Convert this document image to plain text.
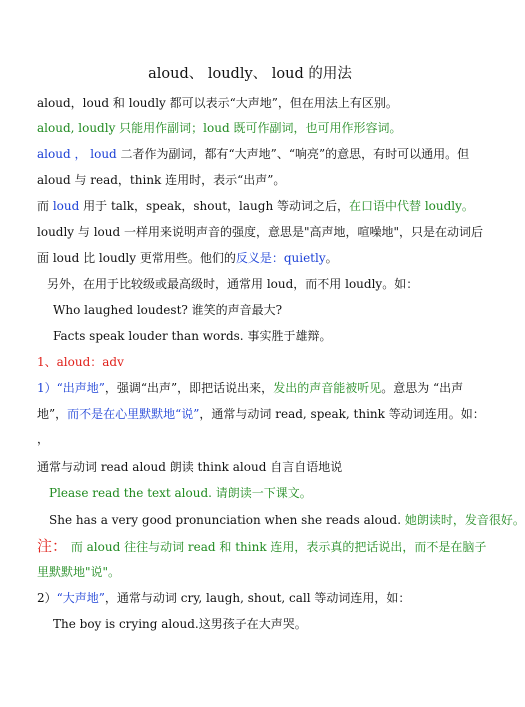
aloud、 loudly、 loud 的用法
aloud，loud 和 loudly 都可以表示“大声地”，但在用法上有区别。
aloud, loudly 只能用作副词；loud 既可作副词，也可用作形容词。
aloud ， loud 二者作为副词，都有“大声地”、“响亮”的意思，有时可以通用。但
aloud 与 read，think 连用时，表示“出声”。
而 loud 用于 talk，speak，shout，laugh 等动词之后，在口语中代替 loudly。
loudly 与 loud 一样用来说明声音的强度，意思是"高声地，喧噪地"，只是在动词后
面 loud 比 loudly 更常用些。他们的反义是：quietly。
另外，在用于比较级或最高级时，通常用 loud，而不用 loudly。如：
Who laughed loudest? 谁笑的声音最大?
Facts speak louder than words. 事实胜于雄辩。
1、aloud：adv
1）“出声地”，强调“出声”，即把话说出来，发出的声音能被听见。意思为 “出声
地”，而不是在心里默默地“说”，通常与动词 read, speak, think 等动词连用。如：
，
通常与动词 read aloud 朗读 think aloud 自言自语地说
Please read the text aloud. 请朗读一下课文。
She has a very good pronunciation when she reads aloud. 她朗读时，发音很好。
注： 而 aloud 往往与动词 read 和 think 连用，表示真的把话说出，而不是在脑子
里默默地"说"。
2）“大声地”，通常与动词 cry, laugh, shout, call 等动词连用，如：
The boy is crying aloud.这男孩子在大声哭。
